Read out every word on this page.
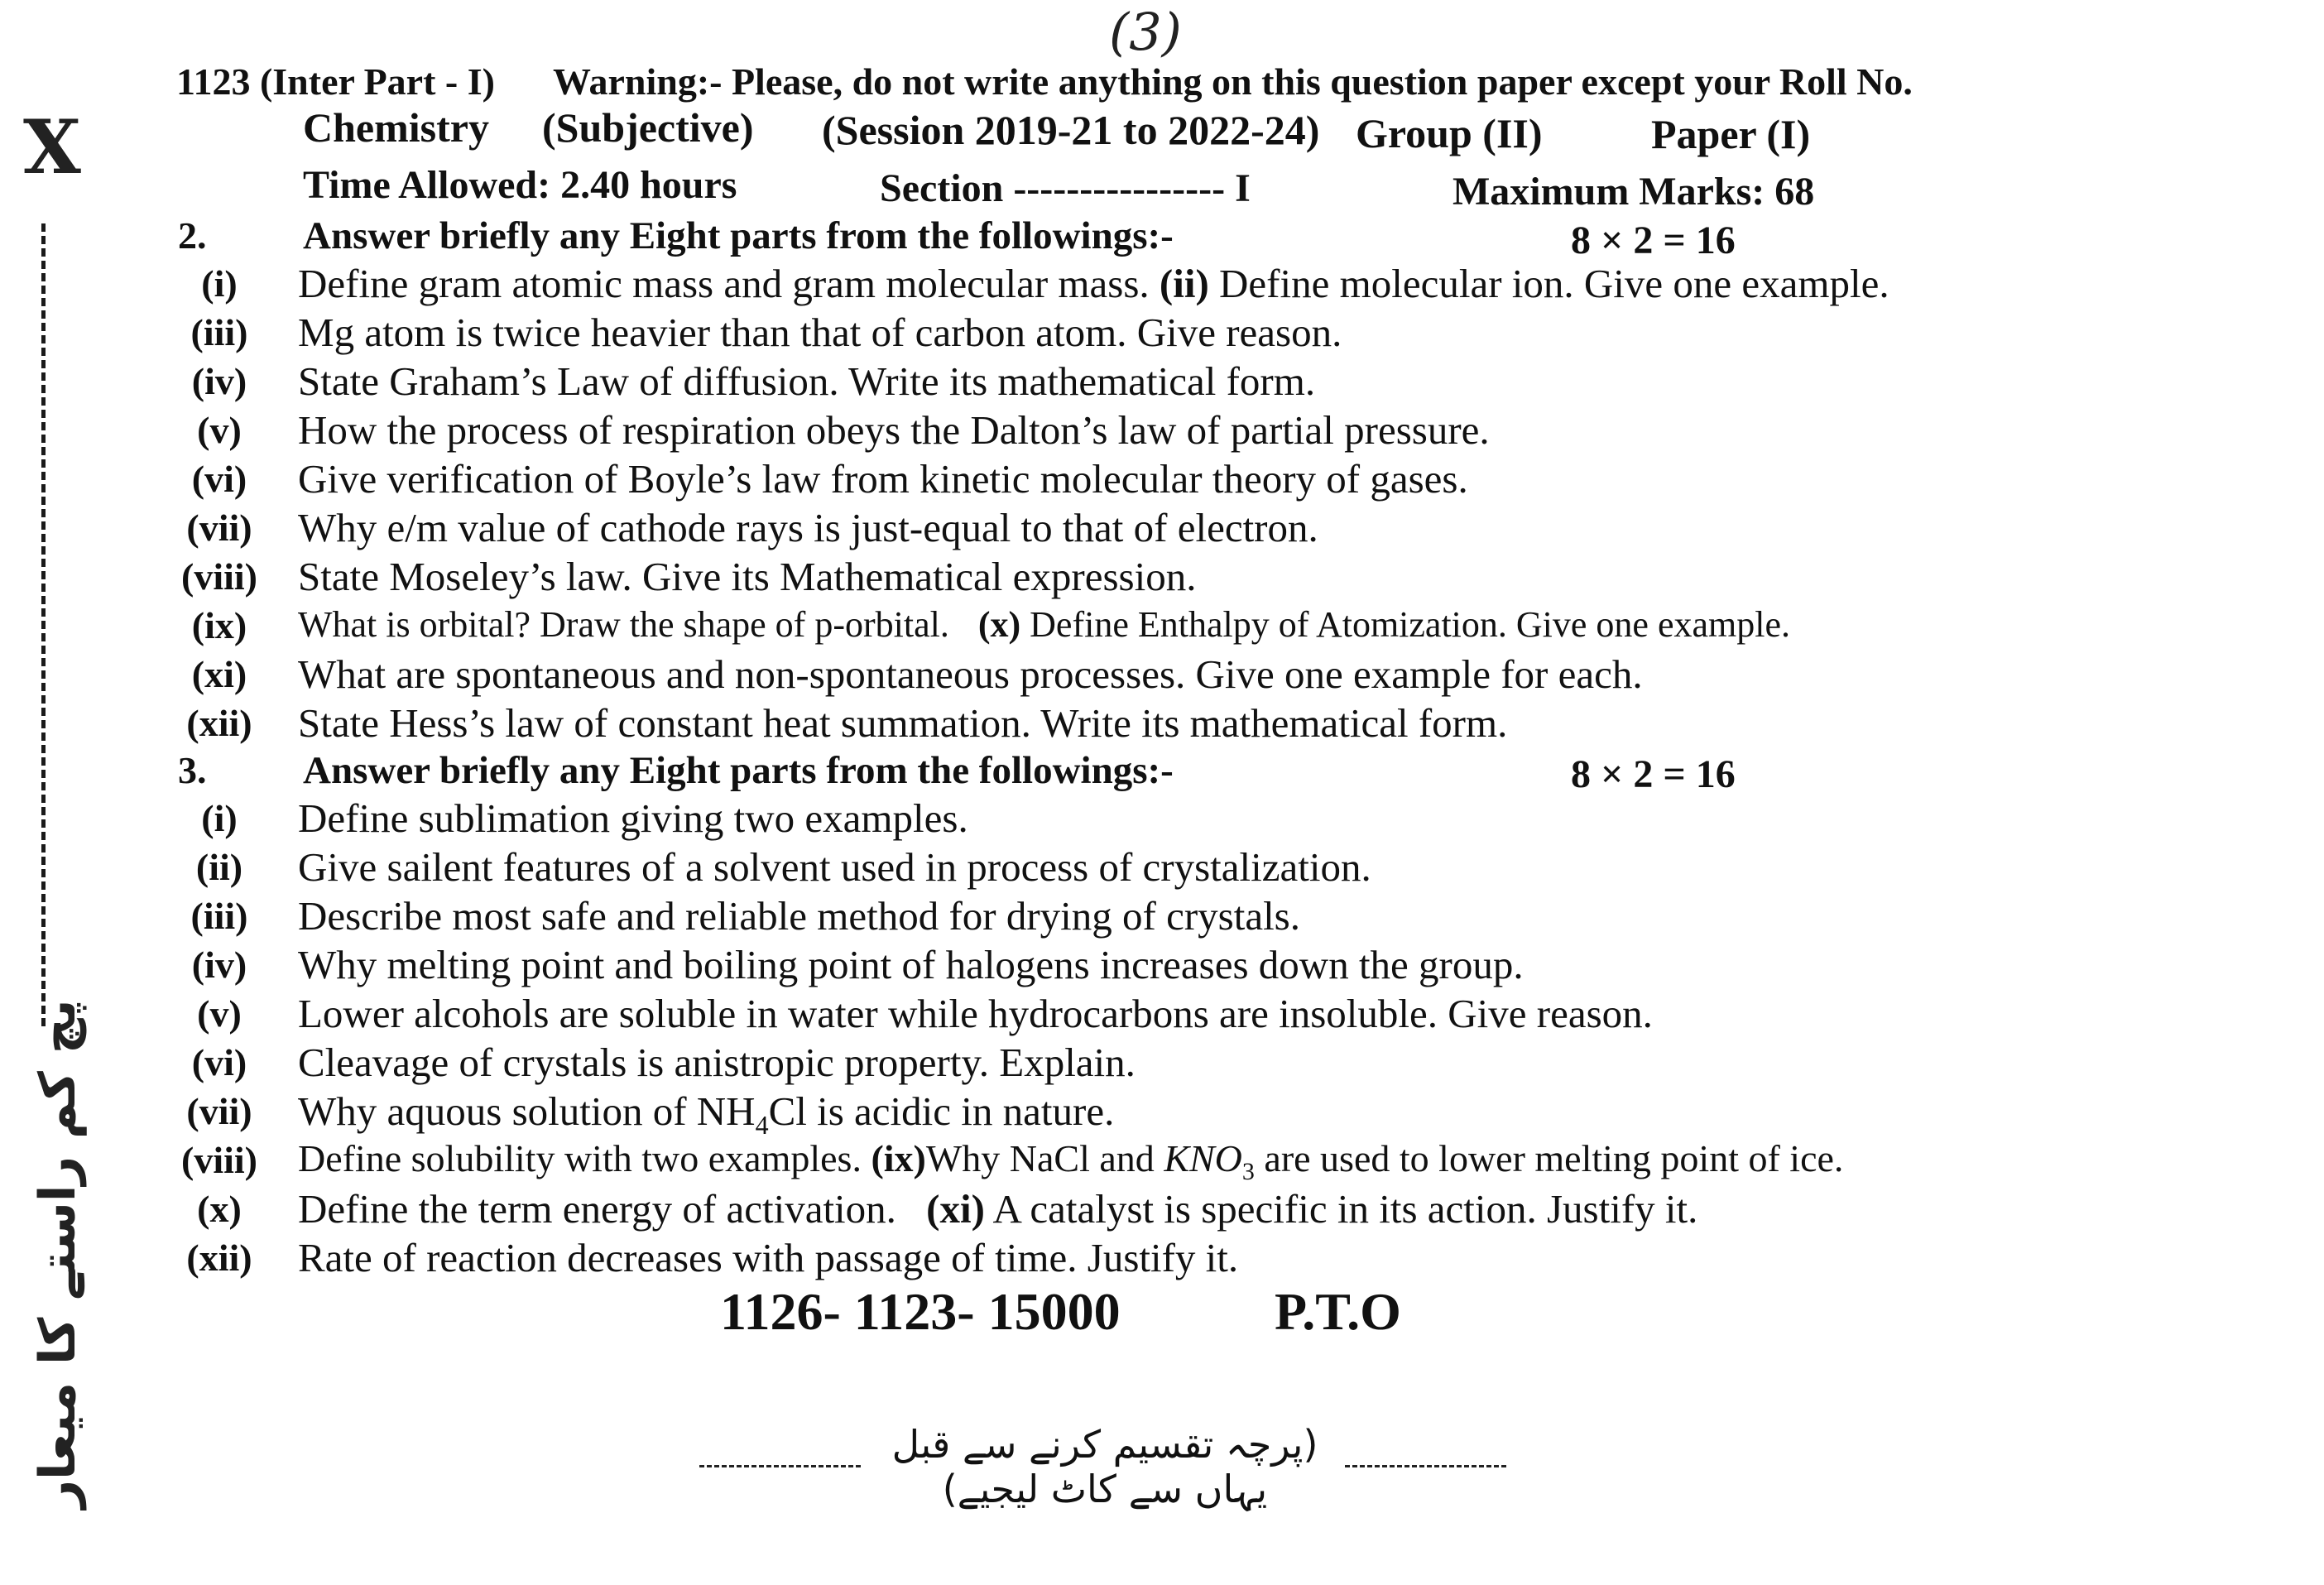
(3)
X
پچ کم راستے کا میعار
1123 (Inter Part - I) Warning:- Please, do not write anything on this question paper except your Roll No.
Chemistry (Subjective) (Session 2019-21 to 2022-24) Group (II)	Paper (I)
Time Allowed: 2.40 hours	Section ---------------- I	Maximum Marks: 68
2. Answer briefly any Eight parts from the followings:-	8 × 2 = 16
(i)	Define gram atomic mass and gram molecular mass. (ii) Define molecular ion. Give one example.
(iii)	Mg atom is twice heavier than that of carbon atom. Give reason.
(iv)	State Graham’s Law of diffusion. Write its mathematical form.
(v)	How the process of respiration obeys the Dalton’s law of partial pressure.
(vi)	Give verification of Boyle’s law from kinetic molecular theory of gases.
(vii)	Why e/m value of cathode rays is just-equal to that of electron.
(viii)	State Moseley’s law. Give its Mathematical expression.
(ix)	What is orbital? Draw the shape of p-orbital. (x) Define Enthalpy of Atomization. Give one example.
(xi)	What are spontaneous and non-spontaneous processes. Give one example for each.
(xii)	State Hess’s law of constant heat summation. Write its mathematical form.
3. Answer briefly any Eight parts from the followings:-	8 × 2 = 16
(i)	Define sublimation giving two examples.
(ii)	Give sailent features of a solvent used in process of crystalization.
(iii)	Describe most safe and reliable method for drying of crystals.
(iv)	Why melting point and boiling point of halogens increases down the group.
(v)	Lower alcohols are soluble in water while hydrocarbons are insoluble. Give reason.
(vi)	Cleavage of crystals is anistropic property. Explain.
(vii)	Why aquous solution of $NH_4Cl$ is acidic in nature.
(viii)	Define solubility with two examples. (ix)Why NaCl and $KNO_3$ are used to lower melting point of ice.
(x)	Define the term energy of activation. (xi) A catalyst is specific in its action. Justify it.
(xii)	Rate of reaction decreases with passage of time. Justify it.
1126- 1123- 15000	P.T.O
(پرچہ تقسیم کرنے سے قبل یہاں سے کاٹ لیجیے)
